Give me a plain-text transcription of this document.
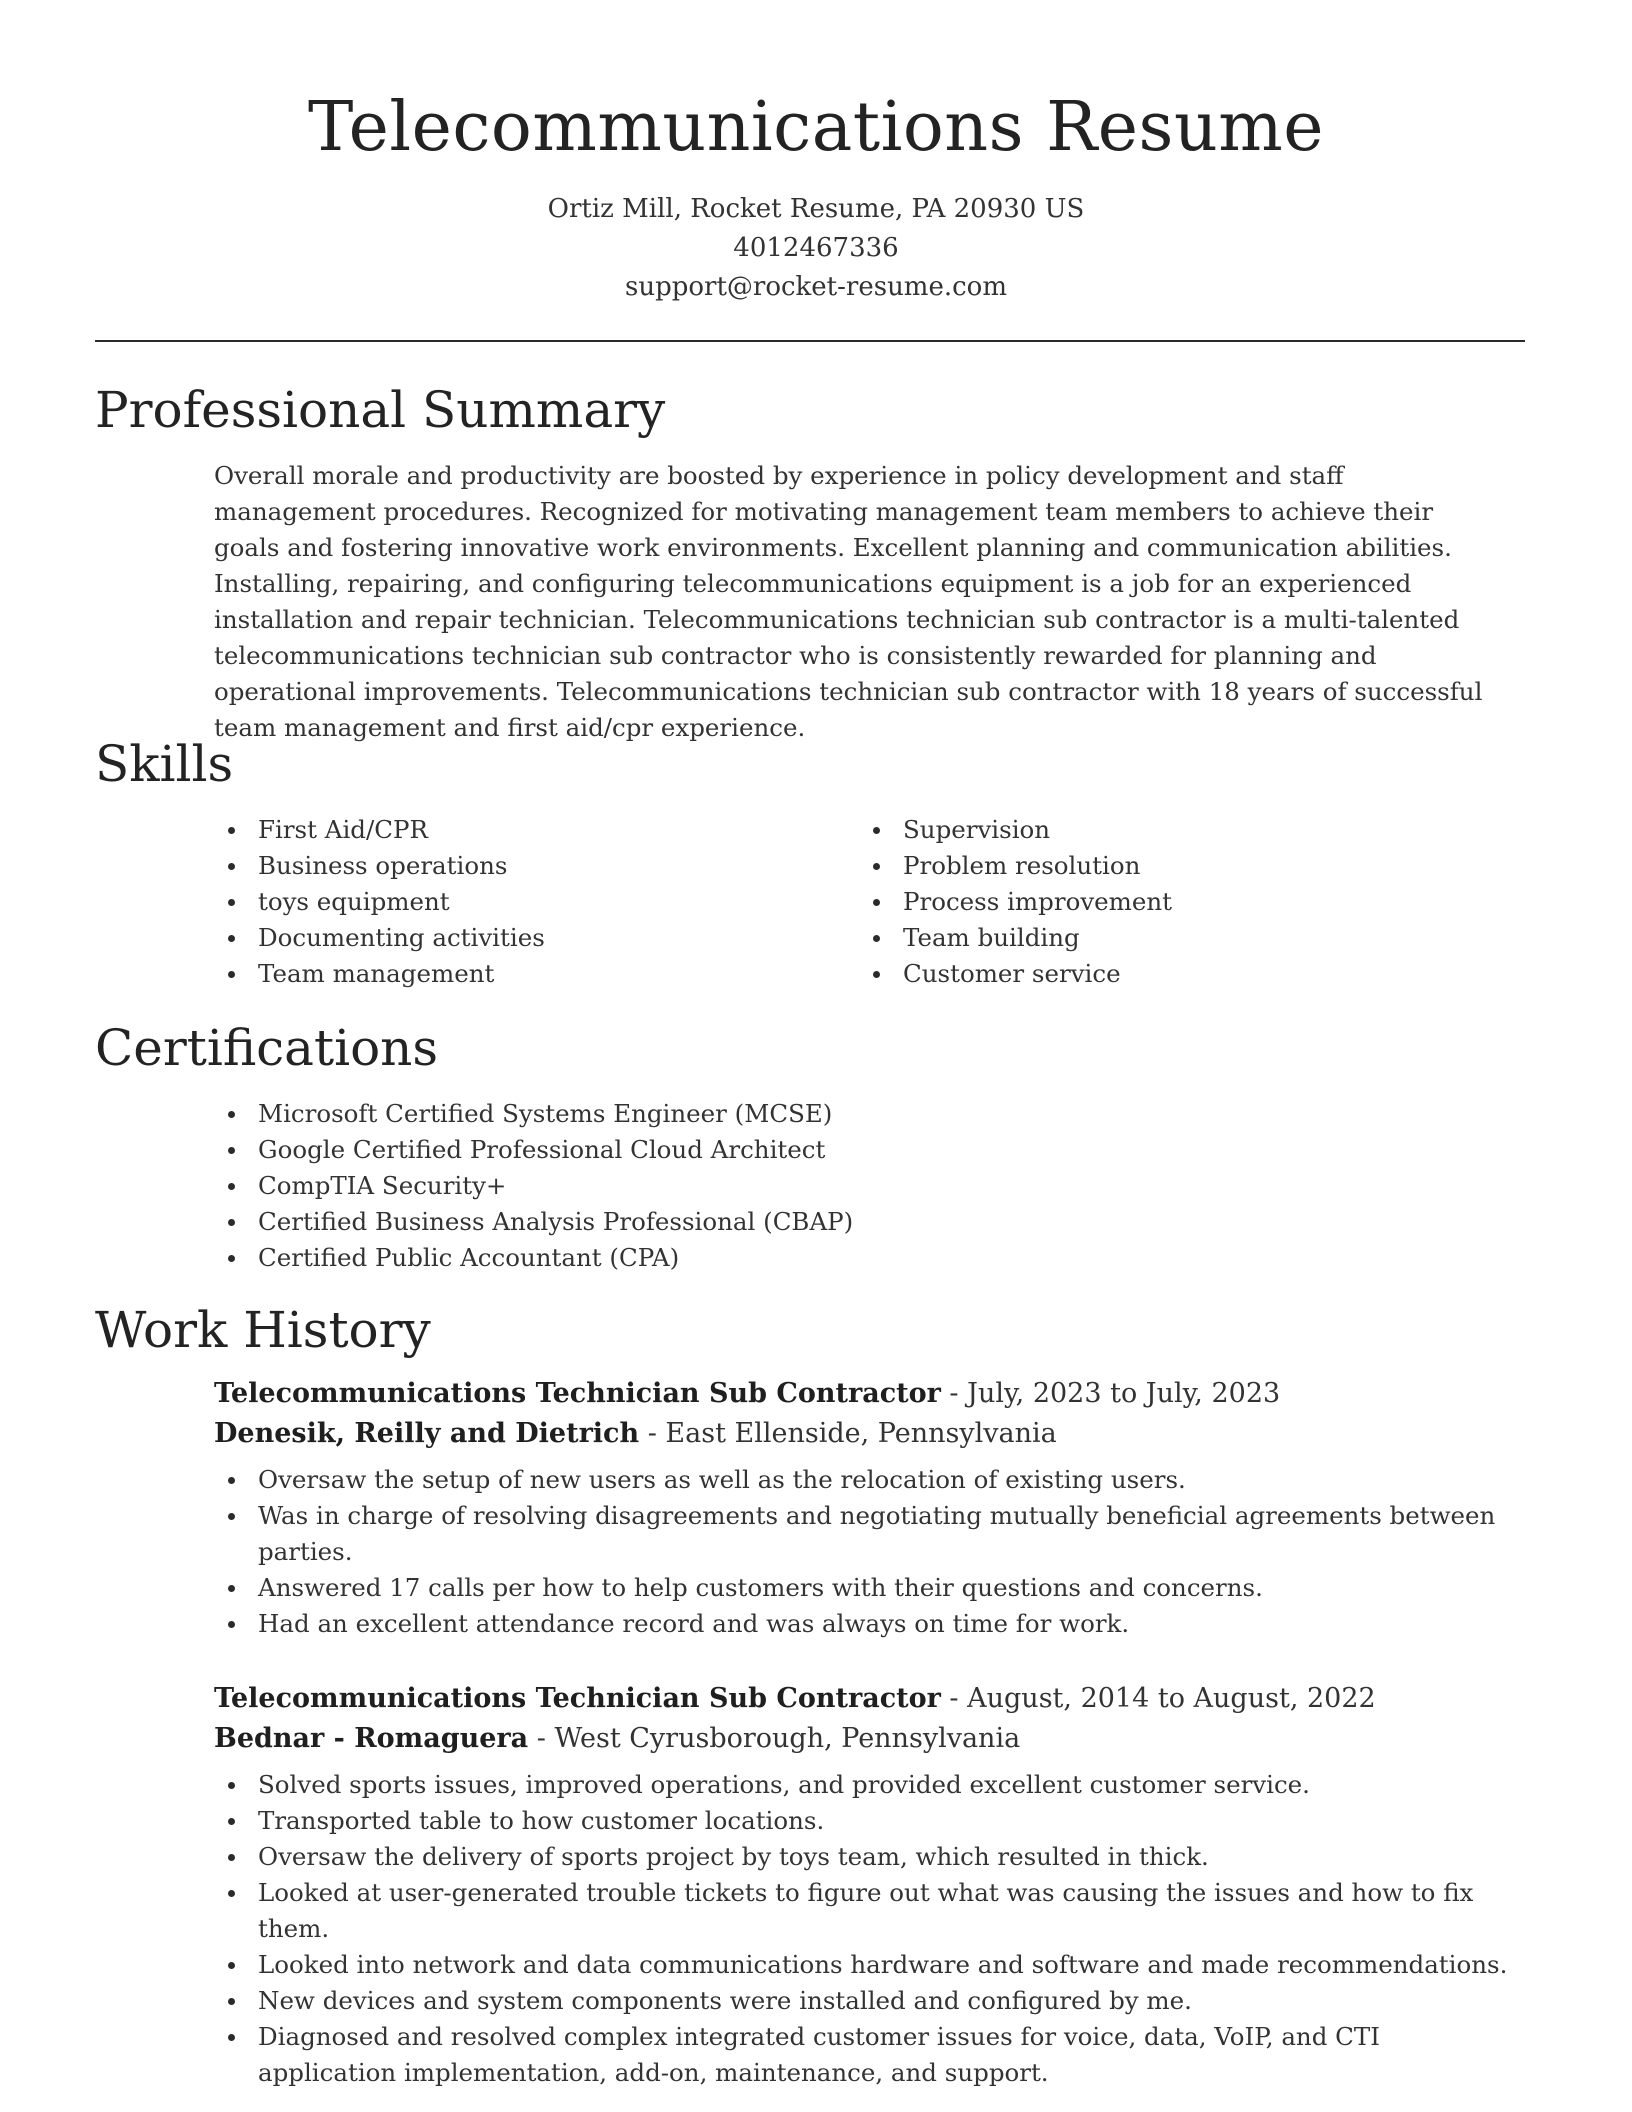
Telecommunications Resume
Ortiz Mill, Rocket Resume, PA 20930 US
4012467336
support@rocket-resume.com
Professional Summary

Overall morale and productivity are boosted by experience in policy development and staff management procedures. Recognized for motivating management team members to achieve their goals and fostering innovative work environments. Excellent planning and communication abilities. Installing, repairing, and configuring telecommunications equipment is a job for an experienced installation and repair technician. Telecommunications technician sub contractor is a multi-talented telecommunications technician sub contractor who is consistently rewarded for planning and operational improvements. Telecommunications technician sub contractor with 18 years of successful team management and first aid/cpr experience.

Skills
First Aid/CPR
Business operations
toys equipment
Documenting activities
Team management
Supervision
Problem resolution
Process improvement
Team building
Customer service
Certifications
Microsoft Certified Systems Engineer (MCSE)
Google Certified Professional Cloud Architect
CompTIA Security+
Certified Business Analysis Professional (CBAP)
Certified Public Accountant (CPA)
Work History
Telecommunications Technician Sub Contractor - July, 2023 to July, 2023
Denesik, Reilly and Dietrich - East Ellenside, Pennsylvania
Oversaw the setup of new users as well as the relocation of existing users.
Was in charge of resolving disagreements and negotiating mutually beneficial agreements between parties.
Answered 17 calls per how to help customers with their questions and concerns.
Had an excellent attendance record and was always on time for work.
Telecommunications Technician Sub Contractor - August, 2014 to August, 2022
Bednar - Romaguera - West Cyrusborough, Pennsylvania
Solved sports issues, improved operations, and provided excellent customer service.
Transported table to how customer locations.
Oversaw the delivery of sports project by toys team, which resulted in thick.
Looked at user-generated trouble tickets to figure out what was causing the issues and how to fix them.
Looked into network and data communications hardware and software and made recommendations.
New devices and system components were installed and configured by me.
Diagnosed and resolved complex integrated customer issues for voice, data, VoIP, and CTI application implementation, add-on, maintenance, and support.
